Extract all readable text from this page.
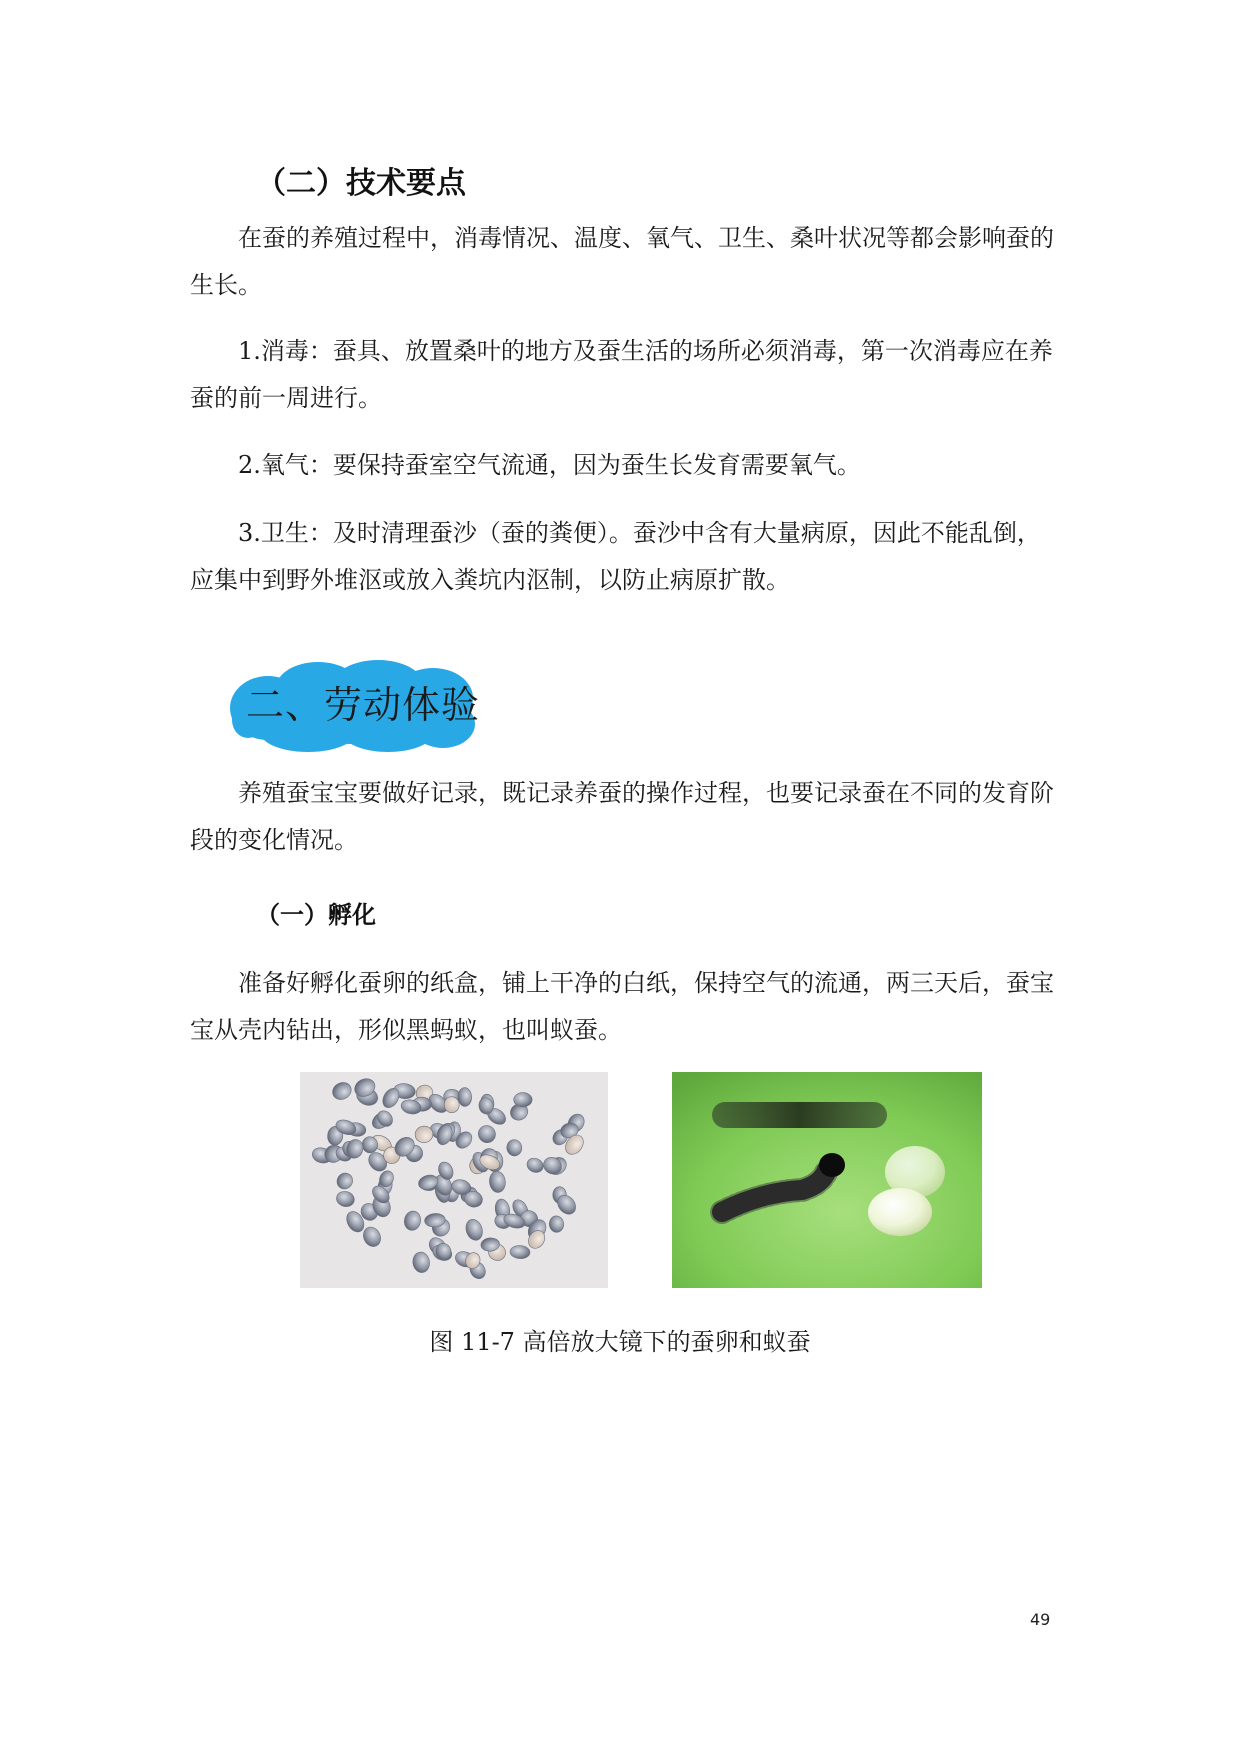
（二）技术要点

在蚕的养殖过程中，消毒情况、温度、氧气、卫生、桑叶状况等都会影响蚕的生长。

1.消毒：蚕具、放置桑叶的地方及蚕生活的场所必须消毒，第一次消毒应在养蚕的前一周进行。

2.氧气：要保持蚕室空气流通，因为蚕生长发育需要氧气。

3.卫生：及时清理蚕沙（蚕的粪便）。蚕沙中含有大量病原，因此不能乱倒，应集中到野外堆沤或放入粪坑内沤制，以防止病原扩散。

二、劳动体验

养殖蚕宝宝要做好记录，既记录养蚕的操作过程，也要记录蚕在不同的发育阶段的变化情况。

（一）孵化

准备好孵化蚕卵的纸盒，铺上干净的白纸，保持空气的流通，两三天后，蚕宝宝从壳内钻出，形似黑蚂蚁，也叫蚁蚕。

图 11-7 高倍放大镜下的蚕卵和蚁蚕
49
